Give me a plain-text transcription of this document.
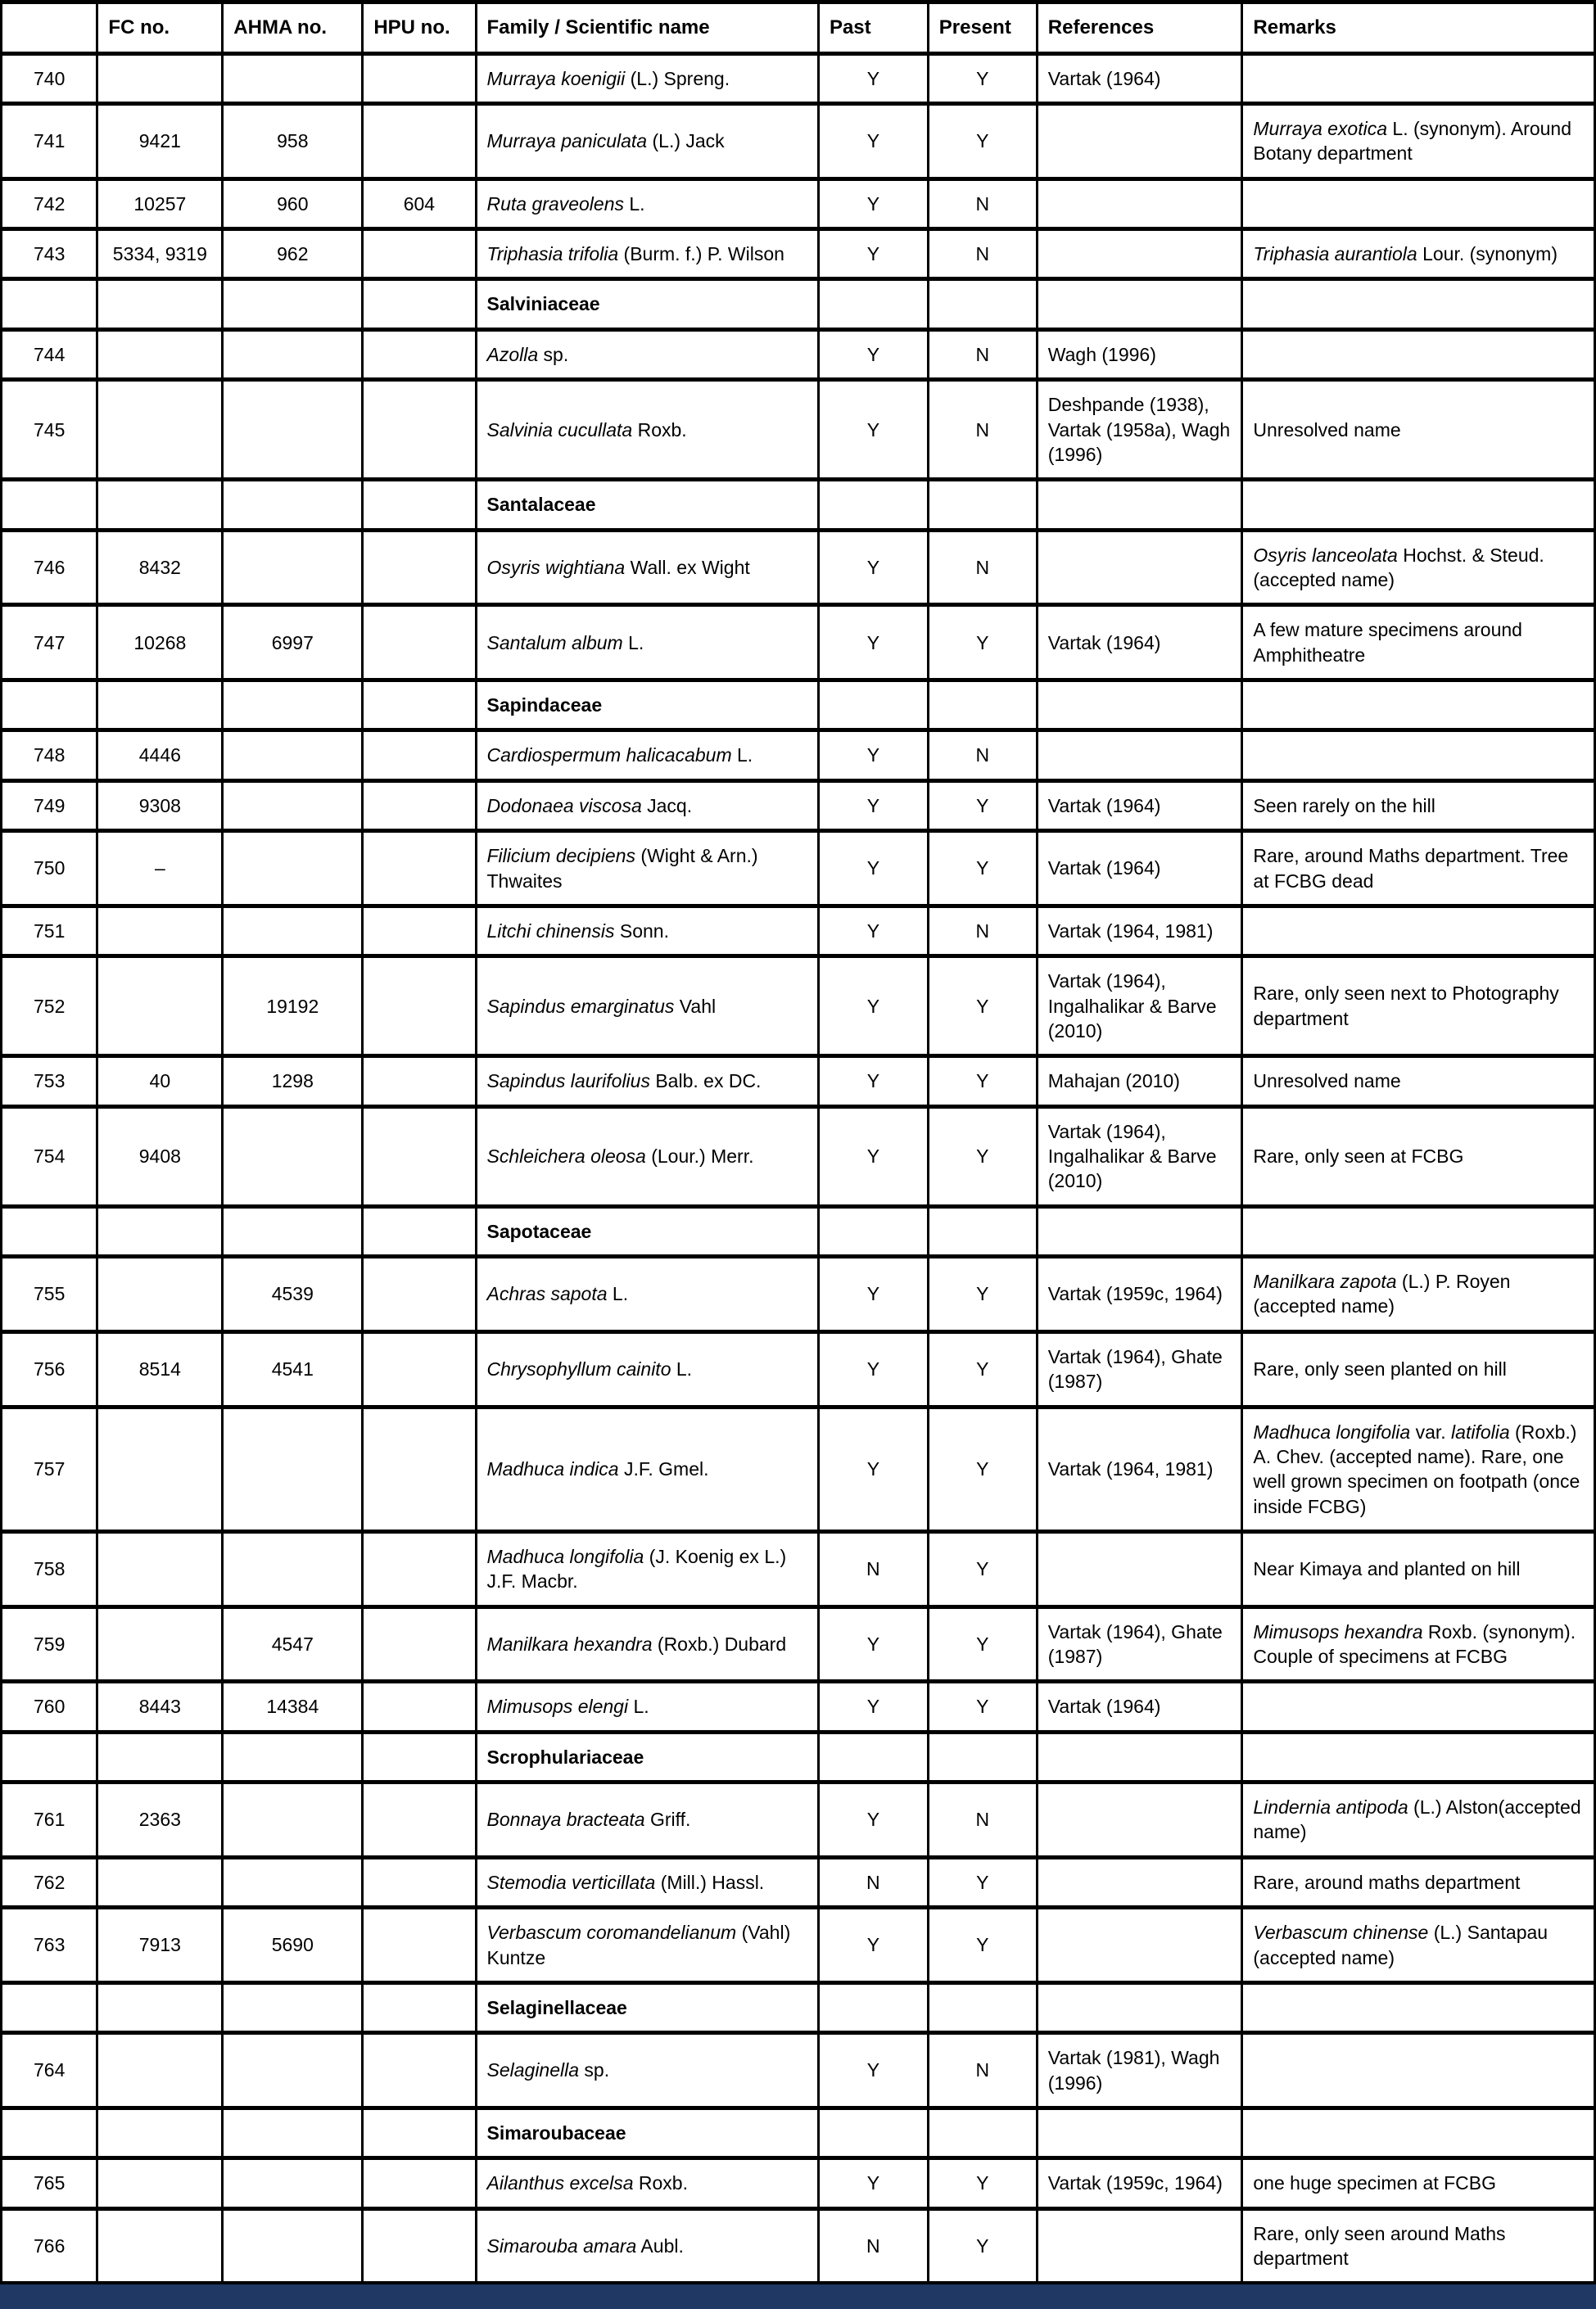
	FC no.	AHMA no.	HPU no.	Family / Scientific name	Past	Present	References	Remarks
740				Murraya koenigii (L.) Spreng.	Y	Y	Vartak (1964)	
741	9421	958		Murraya paniculata (L.) Jack	Y	Y		Murraya exotica L. (synonym). Around Botany department
742	10257	960	604	Ruta graveolens L.	Y	N		
743	5334, 9319	962		Triphasia trifolia (Burm. f.) P. Wilson	Y	N		Triphasia aurantiola Lour. (synonym)
				Salviniaceae				
744				Azolla sp.	Y	N	Wagh (1996)	
745				Salvinia cucullata Roxb.	Y	N	Deshpande (1938), Vartak (1958a), Wagh (1996)	Unresolved name
				Santalaceae				
746	8432			Osyris wightiana Wall. ex Wight	Y	N		Osyris lanceolata Hochst. & Steud. (accepted name)
747	10268	6997		Santalum album L.	Y	Y	Vartak (1964)	A few mature specimens around Amphitheatre
				Sapindaceae				
748	4446			Cardiospermum halicacabum L.	Y	N		
749	9308			Dodonaea viscosa Jacq.	Y	Y	Vartak (1964)	Seen rarely on the hill
750	–			Filicium decipiens (Wight & Arn.) Thwaites	Y	Y	Vartak (1964)	Rare, around Maths department. Tree at FCBG dead
751				Litchi chinensis Sonn.	Y	N	Vartak (1964, 1981)	
752		19192		Sapindus emarginatus Vahl	Y	Y	Vartak (1964), Ingalhalikar & Barve (2010)	Rare, only seen next to Photography department
753	40	1298		Sapindus laurifolius Balb. ex DC.	Y	Y	Mahajan (2010)	Unresolved name
754	9408			Schleichera oleosa (Lour.) Merr.	Y	Y	Vartak (1964), Ingalhalikar & Barve (2010)	Rare, only seen at FCBG
				Sapotaceae				
755		4539		Achras sapota L.	Y	Y	Vartak (1959c, 1964)	Manilkara zapota (L.) P. Royen (accepted name)
756	8514	4541		Chrysophyllum cainito L.	Y	Y	Vartak (1964), Ghate (1987)	Rare, only seen planted on hill
757				Madhuca indica J.F. Gmel.	Y	Y	Vartak (1964, 1981)	Madhuca longifolia var. latifolia (Roxb.) A. Chev. (accepted name). Rare, one well grown specimen on footpath (once inside FCBG)
758				Madhuca longifolia (J. Koenig ex L.) J.F. Macbr.	N	Y		Near Kimaya and planted on hill
759		4547		Manilkara hexandra (Roxb.) Dubard	Y	Y	Vartak (1964), Ghate (1987)	Mimusops hexandra Roxb. (synonym). Couple of specimens at FCBG
760	8443	14384		Mimusops elengi L.	Y	Y	Vartak (1964)	
				Scrophulariaceae				
761	2363			Bonnaya bracteata Griff.	Y	N		Lindernia antipoda (L.) Alston(accepted name)
762				Stemodia verticillata (Mill.) Hassl.	N	Y		Rare, around maths department
763	7913	5690		Verbascum coromandelianum (Vahl) Kuntze	Y	Y		Verbascum chinense (L.) Santapau (accepted name)
				Selaginellaceae				
764				Selaginella sp.	Y	N	Vartak (1981), Wagh (1996)	
				Simaroubaceae				
765				Ailanthus excelsa Roxb.	Y	Y	Vartak (1959c, 1964)	one huge specimen at FCBG
766				Simarouba amara Aubl.	N	Y		Rare, only seen around Maths department
